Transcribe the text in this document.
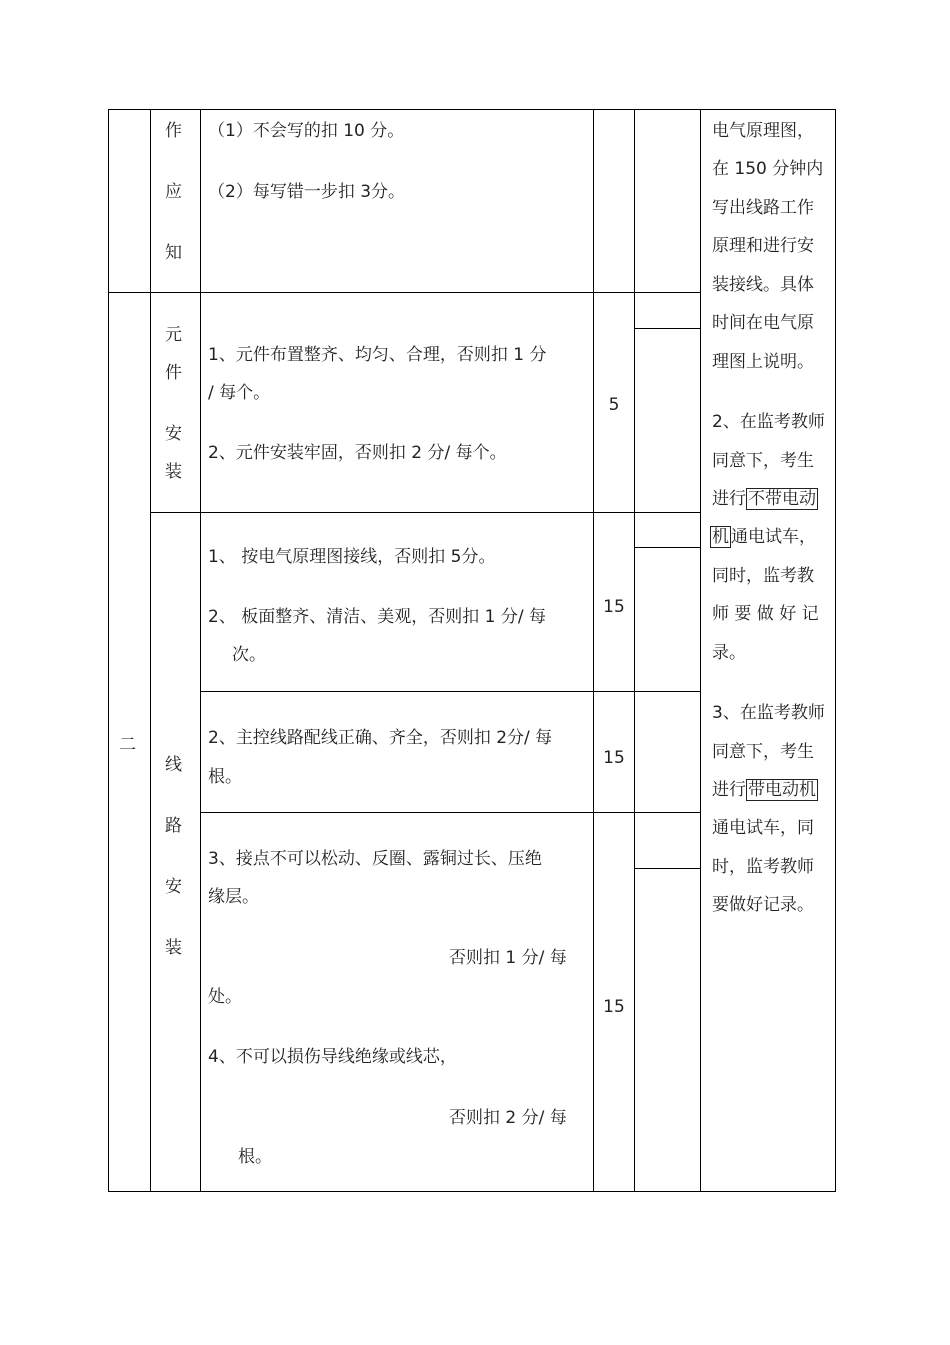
作
应
知
（1）不会写的扣 10 分。
（2）每写错一步扣 3分。
二
元
件
安
装
1、元件布置整齐、均匀、合理，否则扣 1 分
/ 每个。
2、元件安装牢固，否则扣 2 分/ 每个。
5
线
路
安
装
1、 按电气原理图接线，否则扣 5分。
2、 板面整齐、清洁、美观，否则扣 1 分/ 每
次。
15
2、主控线路配线正确、齐全，否则扣 2分/ 每
根。
15
3、接点不可以松动、反圈、露铜过长、压绝
缘层。
否则扣 1 分/ 每
处。
4、不可以损伤导线绝缘或线芯，
否则扣 2 分/ 每
根。
15
电气原理图，
在 150 分钟内
写出线路工作
原理和进行安
装接线。具体
时间在电气原
理图上说明。
2、在监考教师
同意下，考生
进行 不带电动
机 通电试车，
同时，监考教
师 要 做 好 记
录。
3、在监考教师
同意下，考生
进行 带电动机
通电试车，同
时，监考教师
要做好记录。
